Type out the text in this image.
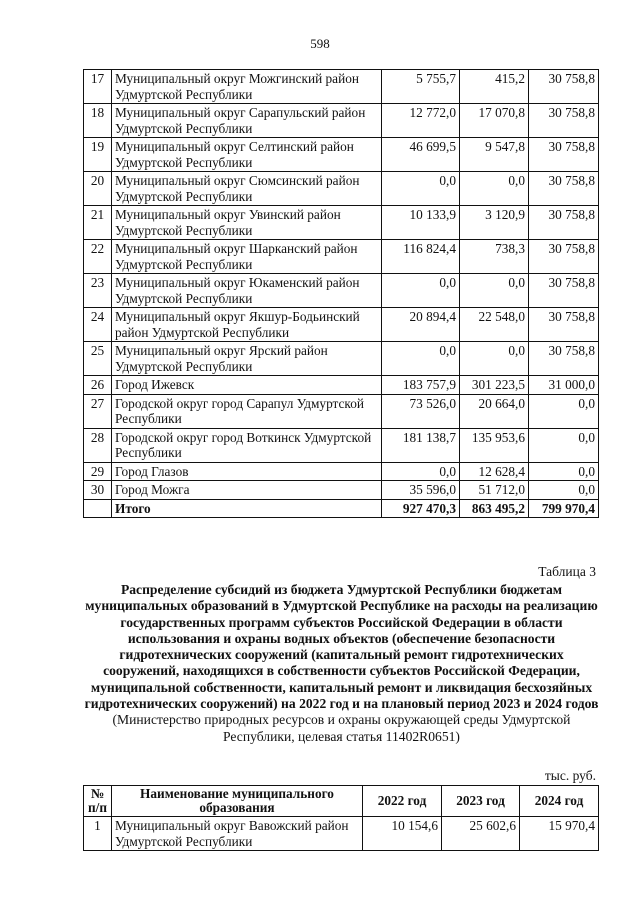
598
17	Муниципальный округ Можгинский район Удмуртской Республики	5 755,7	415,2	30 758,8
18	Муниципальный округ Сарапульский район Удмуртской Республики	12 772,0	17 070,8	30 758,8
19	Муниципальный округ Селтинский район Удмуртской Республики	46 699,5	9 547,8	30 758,8
20	Муниципальный округ Сюмсинский район Удмуртской Республики	0,0	0,0	30 758,8
21	Муниципальный округ Увинский район Удмуртской Республики	10 133,9	3 120,9	30 758,8
22	Муниципальный округ Шарканский район Удмуртской Республики	116 824,4	738,3	30 758,8
23	Муниципальный округ Юкаменский район Удмуртской Республики	0,0	0,0	30 758,8
24	Муниципальный округ Якшур-Бодьинский район Удмуртской Республики	20 894,4	22 548,0	30 758,8
25	Муниципальный округ Ярский район Удмуртской Республики	0,0	0,0	30 758,8
26	Город Ижевск	183 757,9	301 223,5	31 000,0
27	Городской округ город Сарапул Удмуртской Республики	73 526,0	20 664,0	0,0
28	Городской округ город Воткинск Удмуртской Республики	181 138,7	135 953,6	0,0
29	Город Глазов	0,0	12 628,4	0,0
30	Город Можга	35 596,0	51 712,0	0,0
	Итого	927 470,3	863 495,2	799 970,4
Таблица 3
Распределение субсидий из бюджета Удмуртской Республики бюджетам муниципальных образований в Удмуртской Республике на расходы на реализацию государственных программ субъектов Российской Федерации в области использования и охраны водных объектов (обеспечение безопасности гидротехнических сооружений (капитальный ремонт гидротехнических сооружений, находящихся в собственности субъектов Российской Федерации, муниципальной собственности, капитальный ремонт и ликвидация бесхозяйных гидротехнических сооружений) на 2022 год и на плановый период 2023 и 2024 годов
(Министерство природных ресурсов и охраны окружающей среды Удмуртской Республики, целевая статья 11402R0651)
тыс. руб.
№ п/п	Наименование муниципального образования	2022 год	2023 год	2024 год
1	Муниципальный округ Вавожский район Удмуртской Республики	10 154,6	25 602,6	15 970,4
